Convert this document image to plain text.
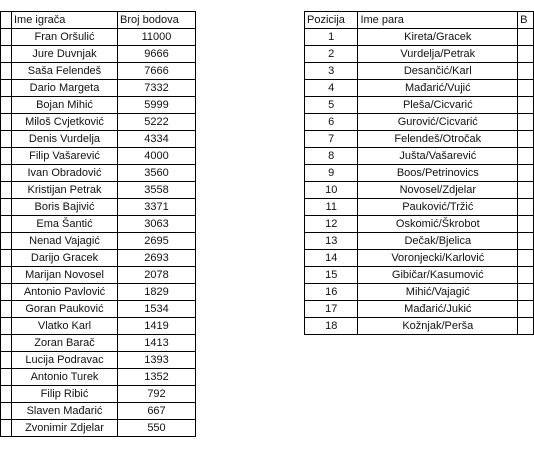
	Ime igrača	Broj bodova
	Fran Oršulić	11000
	Jure Duvnjak	9666
	Saša Felendeš	7666
	Dario Margeta	7332
	Bojan Mihić	5999
	Miloš Cvjetković	5222
	Denis Vurdelja	4334
	Filip Vašarević	4000
	Ivan Obradović	3560
	Kristijan Petrak	3558
	Boris Bajivić	3371
	Ema Šantić	3063
	Nenad Vajagić	2695
	Darijo Gracek	2693
	Marijan Novosel	2078
	Antonio Pavlović	1829
	Goran Pauković	1534
	Vlatko Karl	1419
	Zoran Barač	1413
	Lucija Podravac	1393
	Antonio Turek	1352
	Filip Ribić	792
	Slaven Mađarić	667
	Zvonimir Zdjelar	550
Pozicija	Ime para	B
1	Kireta/Gracek	
2	Vurdelja/Petrak	
3	Desančić/Karl	
4	Mađarić/Vujić	
5	Pleša/Cicvarić	
6	Gurović/Cicvarić	
7	Felendeš/Otročak	
8	Jušta/Vašarević	
9	Boos/Petrinovics	
10	Novosel/Zdjelar	
11	Pauković/Tržić	
12	Oskomić/Škrobot	
13	Dečak/Bjelica	
14	Voronjecki/Karlović	
15	Gibičar/Kasumović	
16	Mihić/Vajagić	
17	Mađarić/Jukić	
18	Kožnjak/Perša	
